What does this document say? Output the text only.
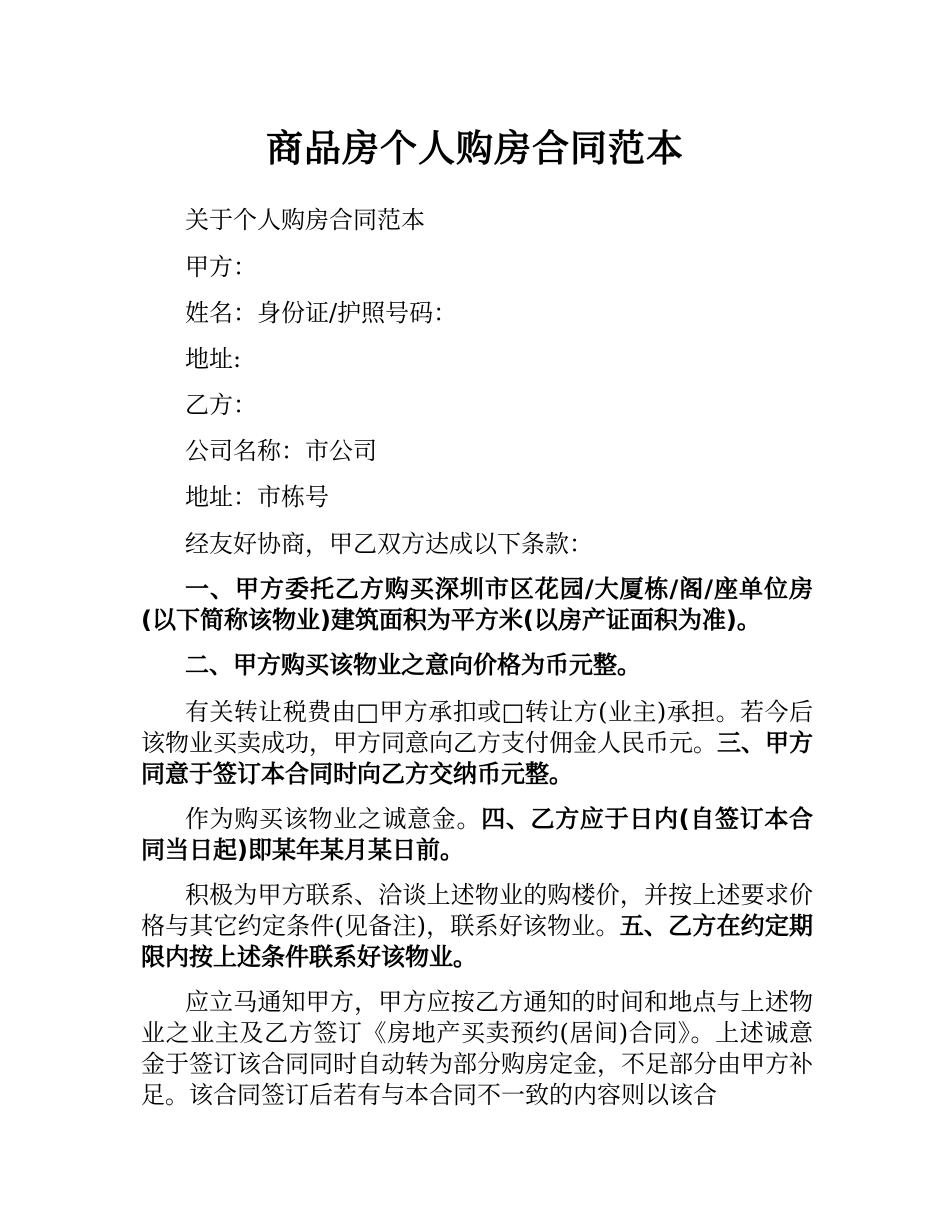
商品房个人购房合同范本
关于个人购房合同范本
甲方：
姓名：身份证/护照号码：
地址:
乙方：
公司名称：市公司
地址：市栋号
经友好协商，甲乙双方达成以下条款：
一、甲方委托乙方购买深圳市区花园/大厦栋/阁/座单位房(以下简称该物业)建筑面积为平方米(以房产证面积为准)。
二、甲方购买该物业之意向价格为币元整。
有关转让税费由□甲方承扣或□转让方(业主)承担。若今后该物业买卖成功，甲方同意向乙方支付佣金人民币元。三、甲方同意于签订本合同时向乙方交纳币元整。
作为购买该物业之诚意金。四、乙方应于日内(自签订本合同当日起)即某年某月某日前。
积极为甲方联系、洽谈上述物业的购楼价，并按上述要求价格与其它约定条件(见备注)，联系好该物业。五、乙方在约定期限内按上述条件联系好该物业。
应立马通知甲方，甲方应按乙方通知的时间和地点与上述物业之业主及乙方签订《房地产买卖预约(居间)合同》。上述诚意金于签订该合同同时自动转为部分购房定金，不足部分由甲方补足。该合同签订后若有与本合同不一致的内容则以该合
